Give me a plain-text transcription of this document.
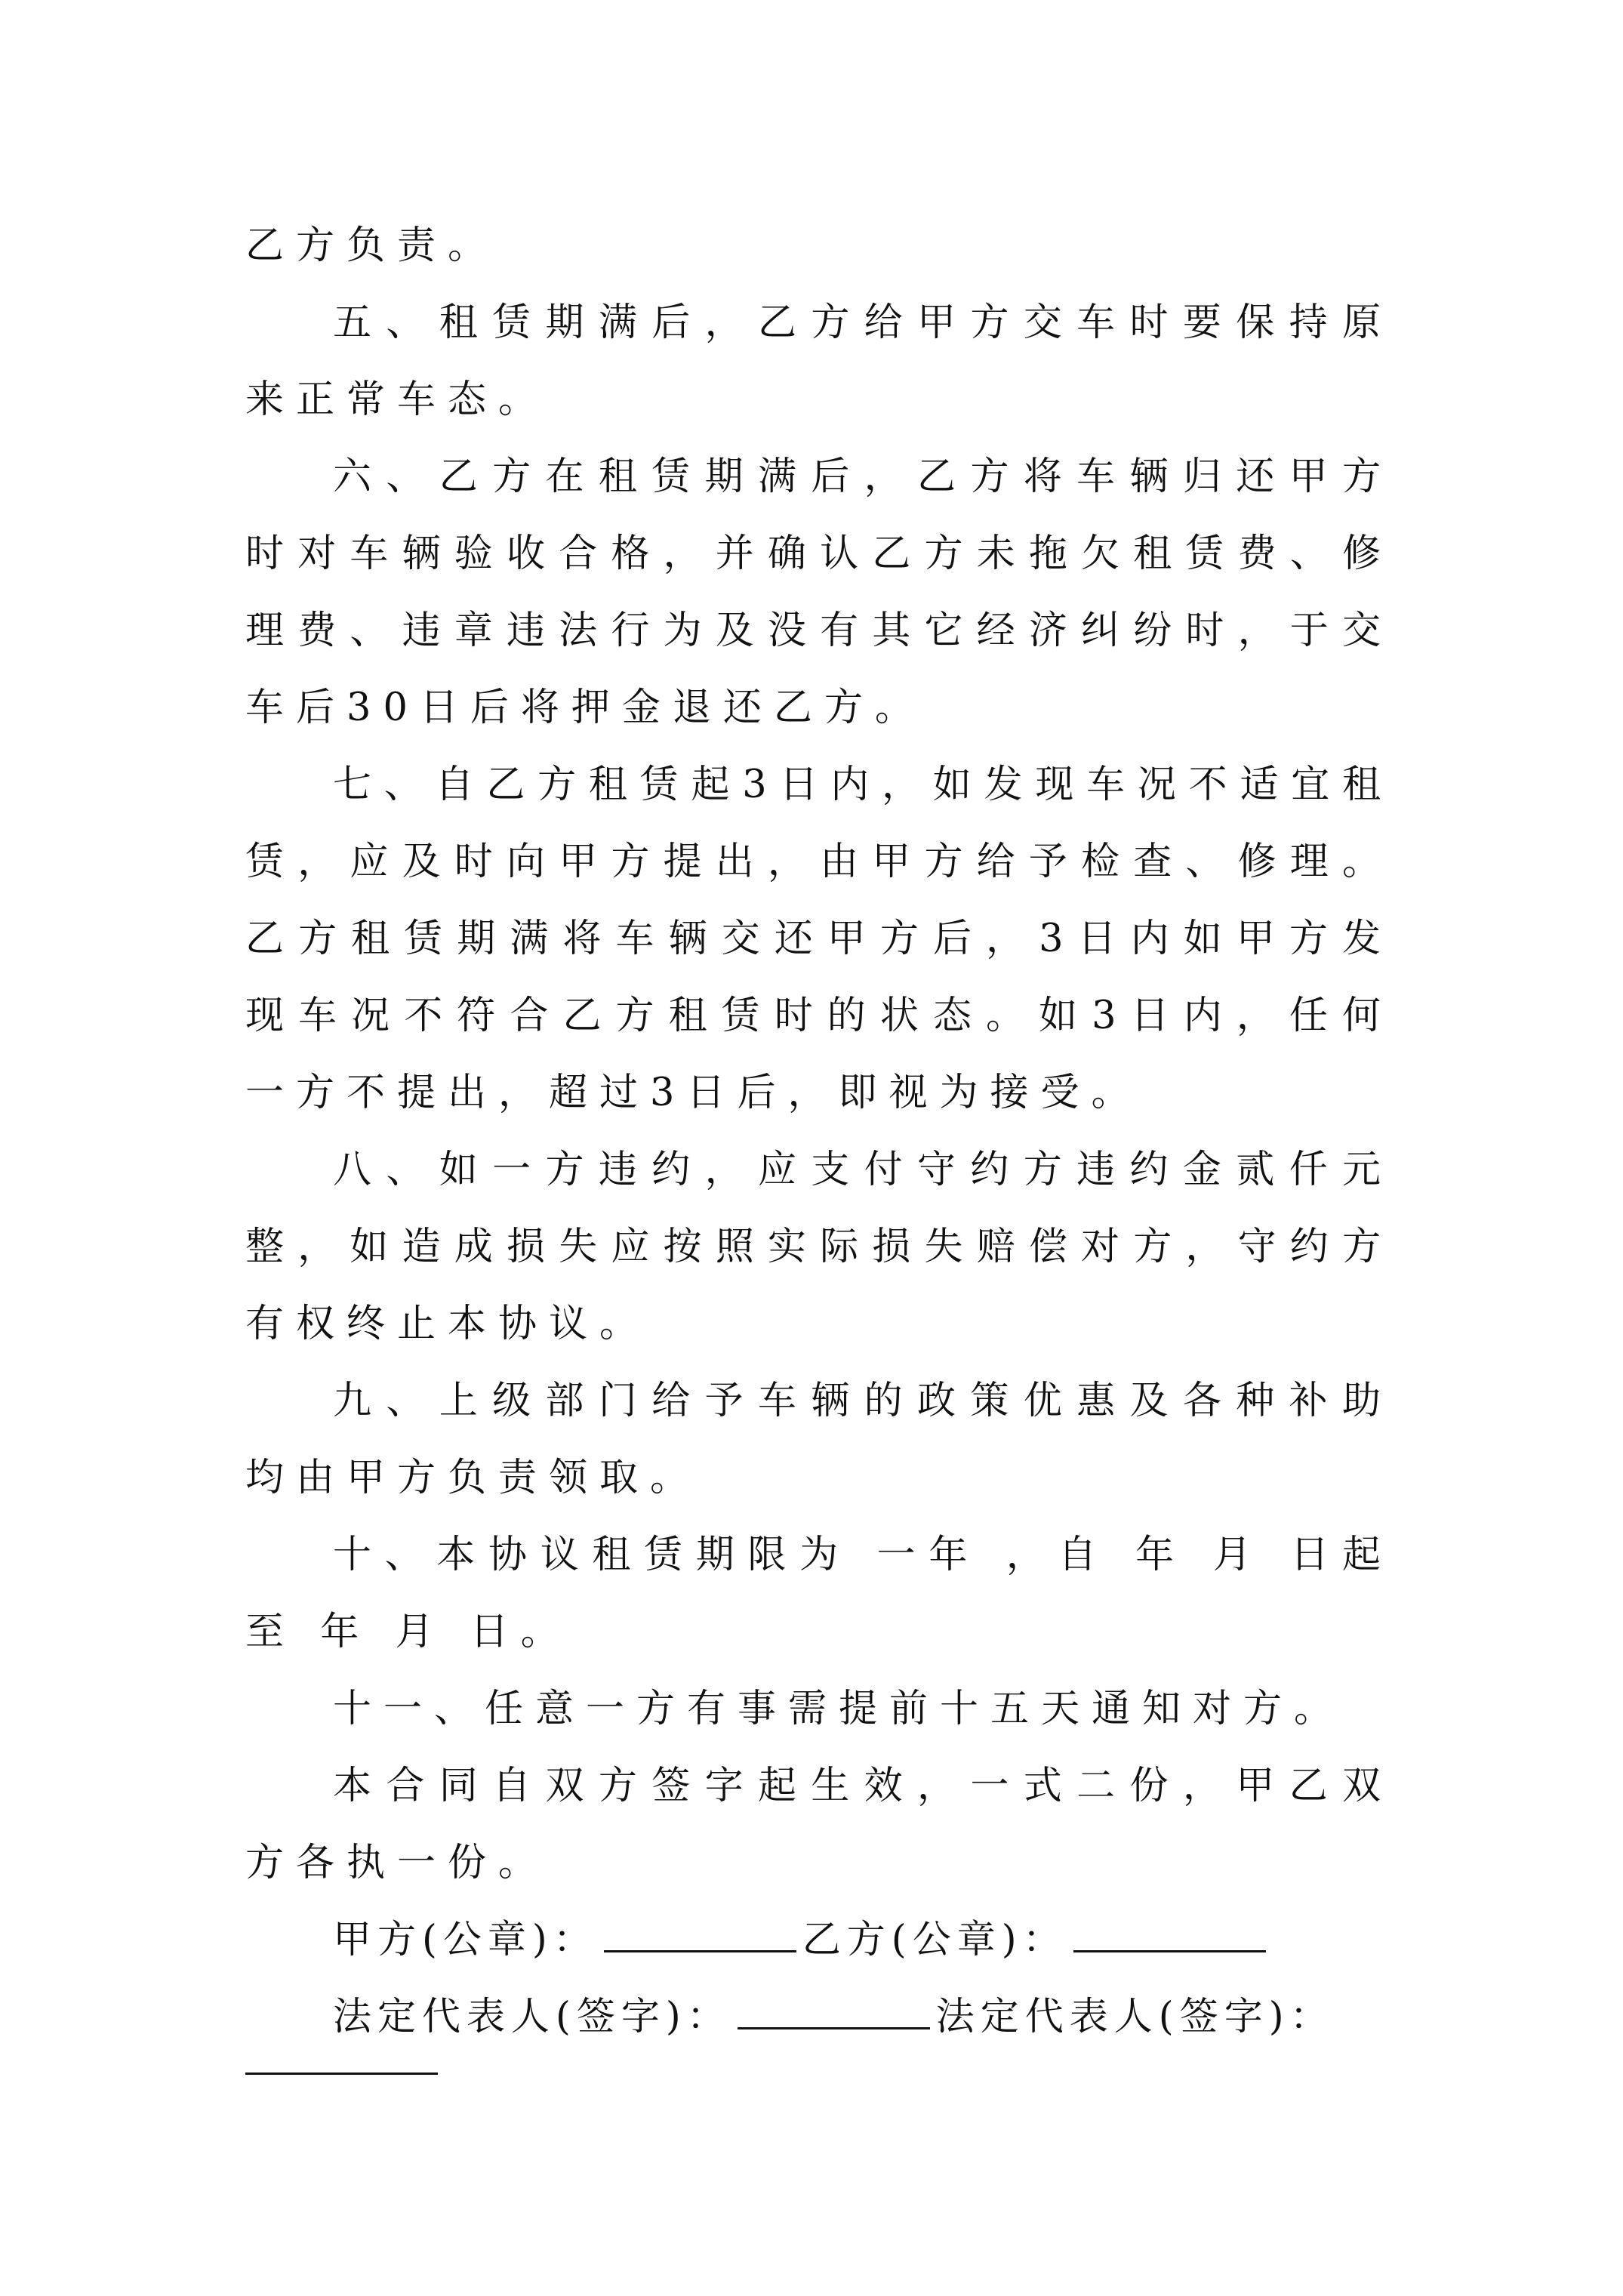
乙方负责。

五、租赁期满后，乙方给甲方交车时要保持原来正常车态。

六、乙方在租赁期满后，乙方将车辆归还甲方时对车辆验收合格，并确认乙方未拖欠租赁费、修理费、违章违法行为及没有其它经济纠纷时，于交车后30日后将押金退还乙方。

七、自乙方租赁起3日内，如发现车况不适宜租赁，应及时向甲方提出，由甲方给予检查、修理。乙方租赁期满将车辆交还甲方后，3日内如甲方发现车况不符合乙方租赁时的状态。如3日内，任何一方不提出，超过3日后，即视为接受。

八、如一方违约，应支付守约方违约金贰仟元整，如造成损失应按照实际损失赔偿对方，守约方有权终止本协议。

九、上级部门给予车辆的政策优惠及各种补助均由甲方负责领取。

十、本协议租赁期限为 一年 ，自 年 月 日起至 年 月 日。

十一、任意一方有事需提前十五天通知对方。

本合同自双方签字起生效，一式二份，甲乙双方各执一份。

甲方(公章)：	乙方(公章)：
法定代表人(签字)：	法定代表人(签字)：
